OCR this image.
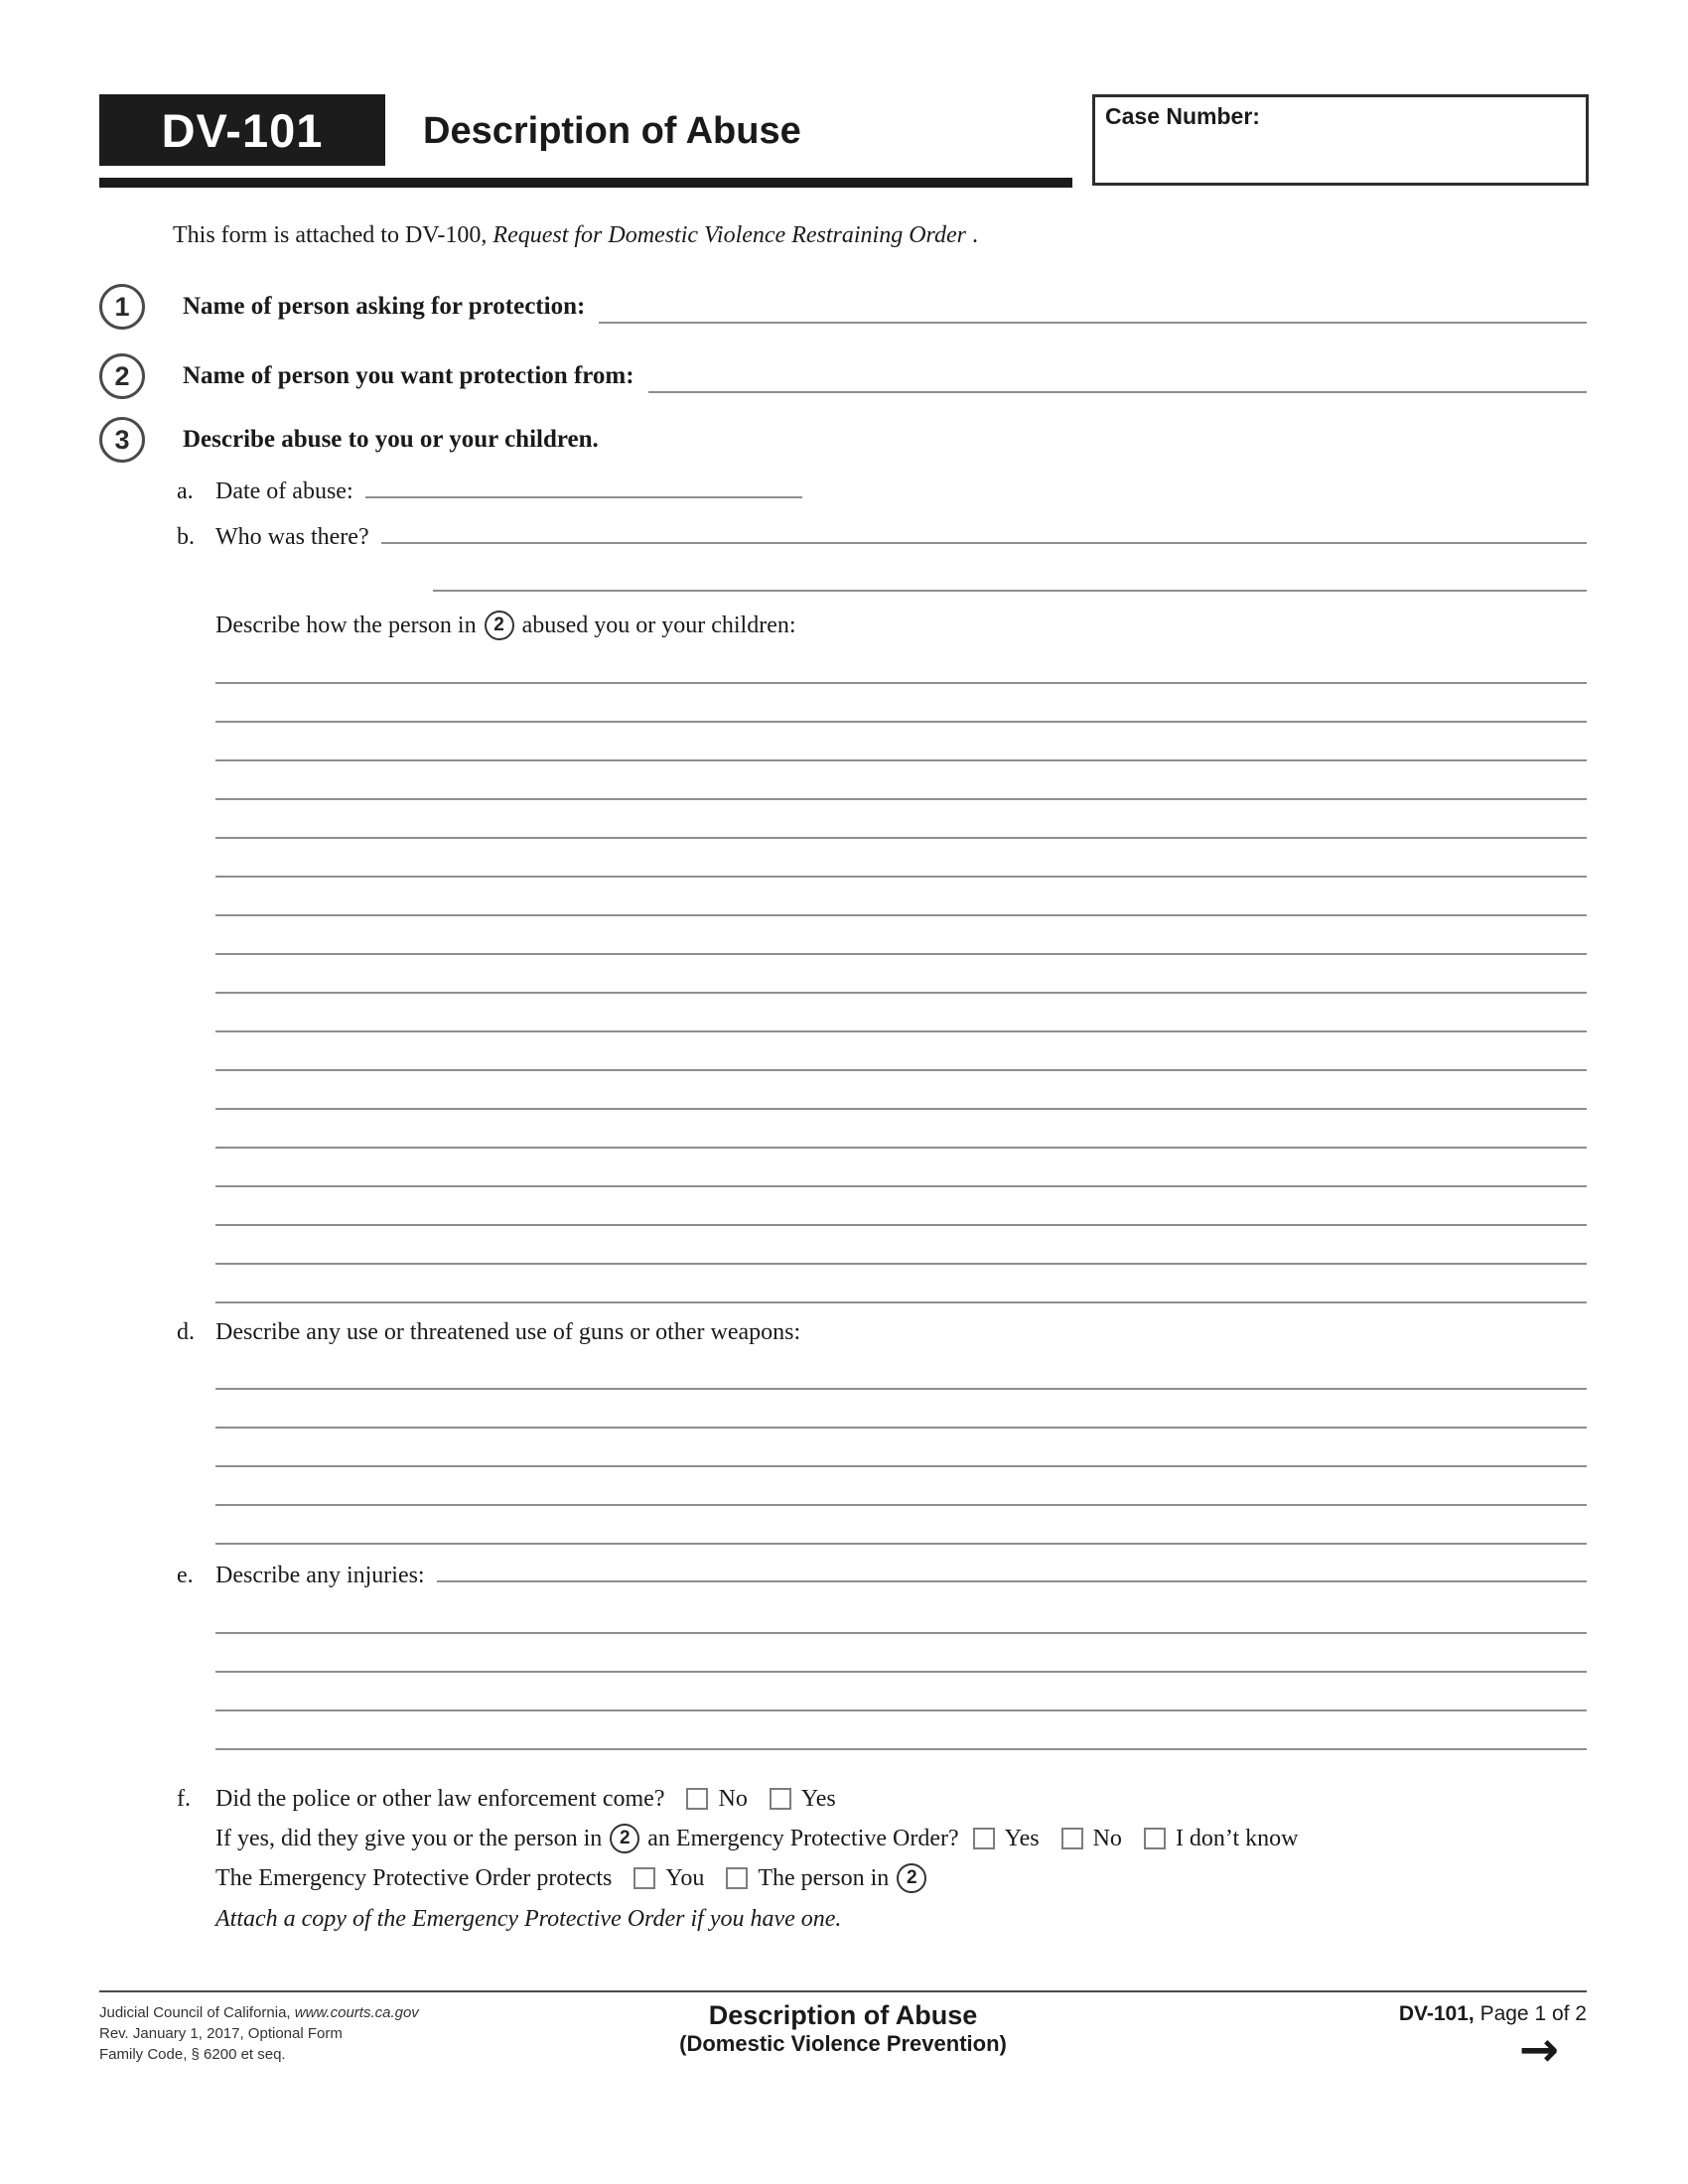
DV-101	Description of Abuse	Case Number:

This form is attached to DV-100, Request for Domestic Violence Restraining Order .

1	Name of person asking for protection:
2	Name of person you want protection from:
3	Describe abuse to you or your children.
a. Date of abuse:
b. Who was there?
Describe how the person in 2 abused you or your children:
d. Describe any use or threatened use of guns or other weapons:
e. Describe any injuries:
f.	Did the police or other law enforcement come? No Yes
If yes, did they give you or the person in 2 an Emergency Protective Order? Yes No I don’t know
The Emergency Protective Order protects You The person in 2
Attach a copy of the Emergency Protective Order if you have one.
Judicial Council of California, www.courts.ca.gov
Rev. January 1, 2017, Optional Form
Family Code, § 6200 et seq.
Description of Abuse
(Domestic Violence Prevention)
DV-101, Page 1 of 2
→
